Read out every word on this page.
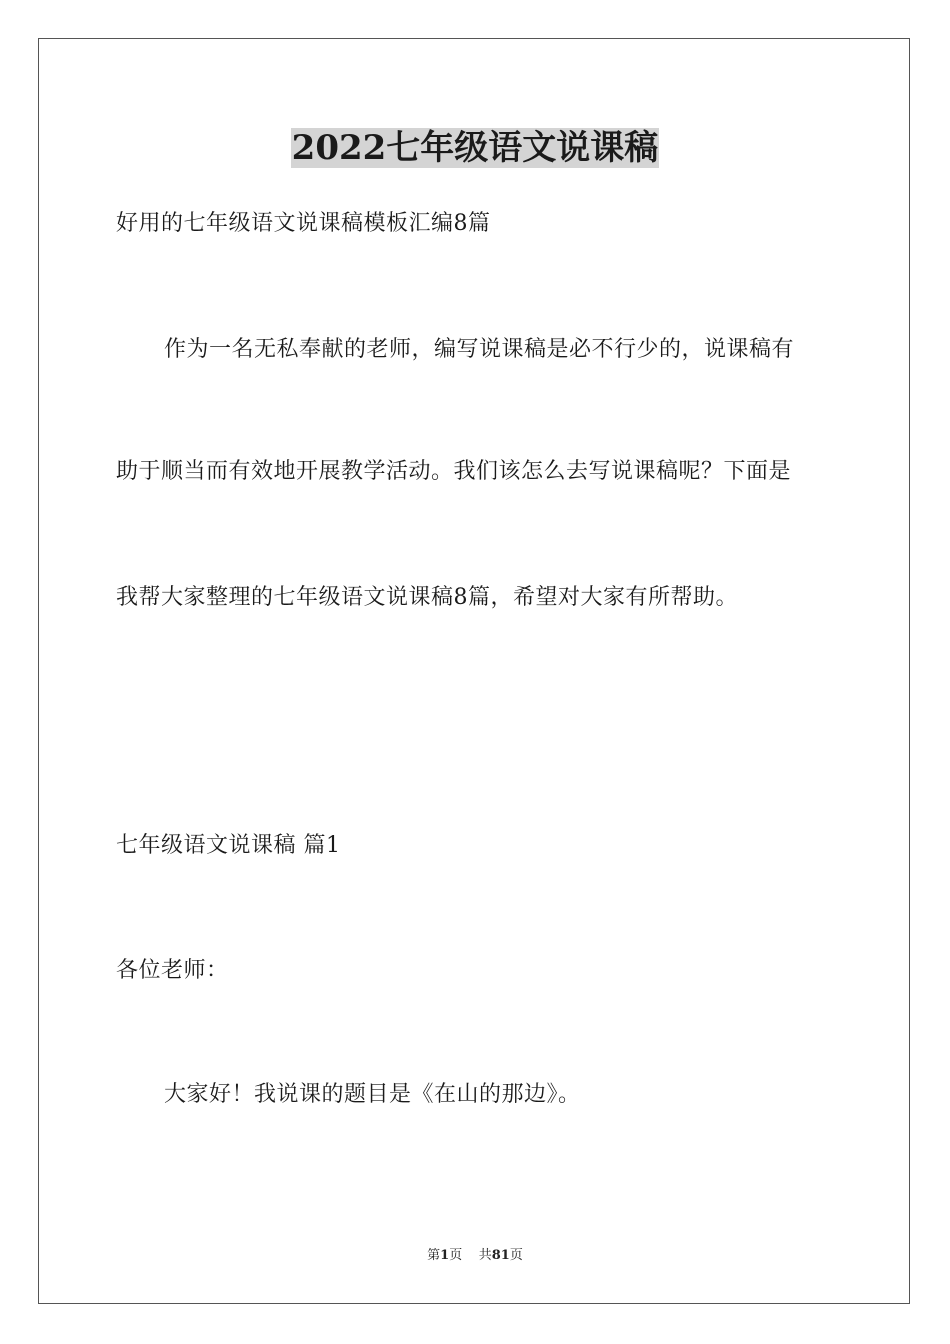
2022七年级语文说课稿
好用的七年级语文说课稿模板汇编8篇
作为一名无私奉献的老师，编写说课稿是必不行少的，说课稿有
助于顺当而有效地开展教学活动。我们该怎么去写说课稿呢？下面是
我帮大家整理的七年级语文说课稿8篇，希望对大家有所帮助。
七年级语文说课稿 篇1
各位老师：
大家好！我说课的题目是《在山的那边》。
第1页 共81页
